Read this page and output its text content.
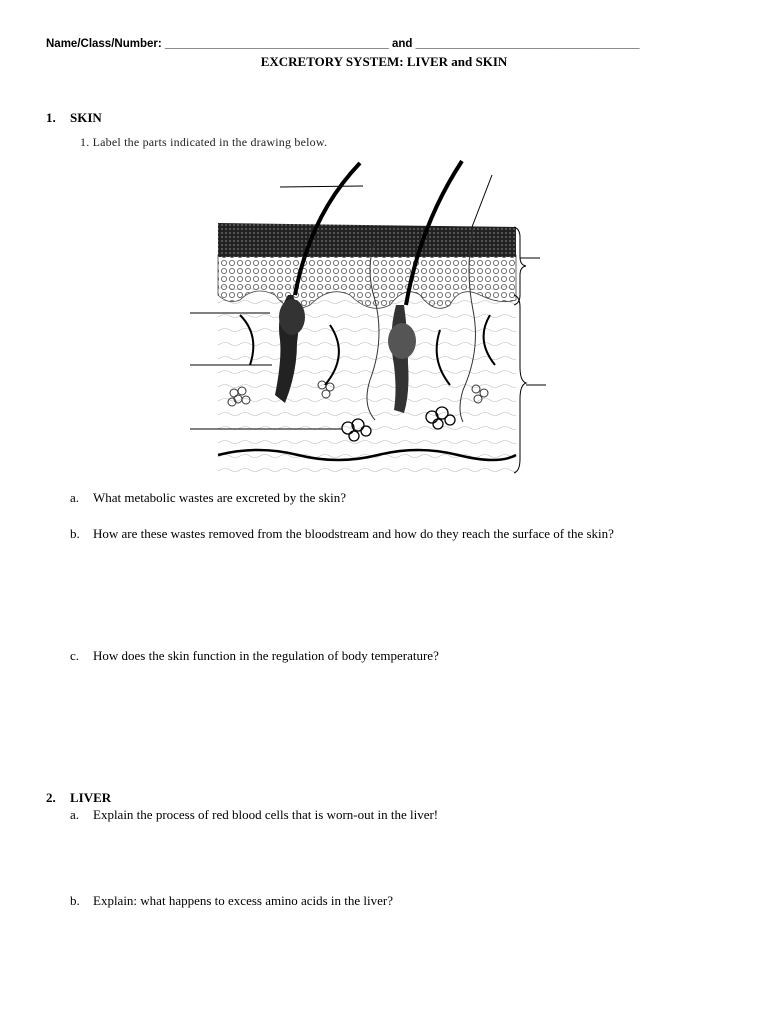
Name/Class/Number: ___________________________________ and ___________________________________
EXCRETORY SYSTEM: LIVER and SKIN
1. SKIN
1. Label the parts indicated in the drawing below.
a. What metabolic wastes are excreted by the skin?
b. How are these wastes removed from the bloodstream and how do they reach the surface of the skin?
c. How does the skin function in the regulation of body temperature?
2. LIVER
a. Explain the process of red blood cells that is worn-out in the liver!
b. Explain: what happens to excess amino acids in the liver?
